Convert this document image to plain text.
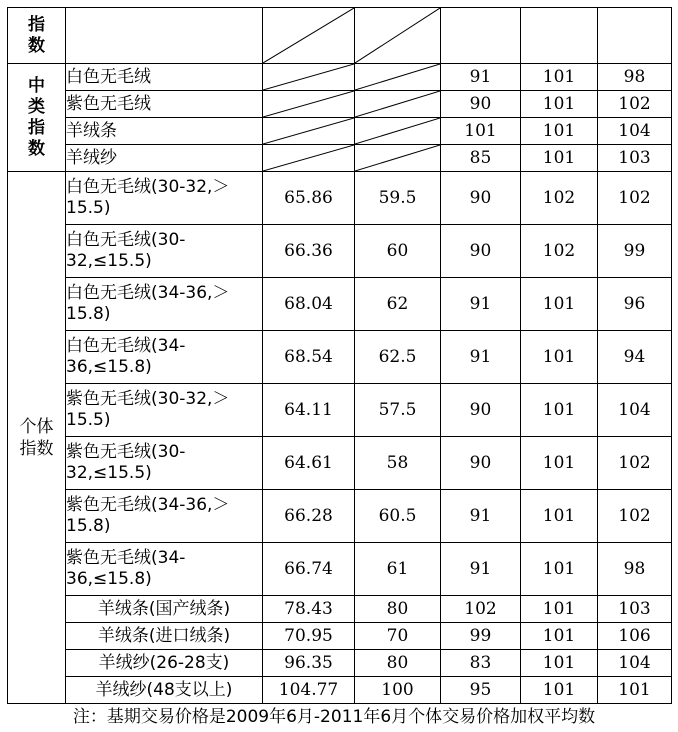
指数

中类指数	白色无毛绒			91	101	98
	紫色无毛绒			90	101	102
	羊绒条			101	101	104
	羊绒纱			85	101	103

个体指数	白色无毛绒(30-32,＞15.5)	65.86	59.5	90	102	102
	白色无毛绒(30-32,≤15.5)	66.36	60	90	102	99
	白色无毛绒(34-36,＞15.8)	68.04	62	91	101	96
	白色无毛绒(34-36,≤15.8)	68.54	62.5	91	101	94
	紫色无毛绒(30-32,＞15.5)	64.11	57.5	90	101	104
	紫色无毛绒(30-32,≤15.5)	64.61	58	90	101	102
	紫色无毛绒(34-36,＞15.8)	66.28	60.5	91	101	102
	紫色无毛绒(34-36,≤15.8)	66.74	61	91	101	98
	羊绒条(国产绒条)	78.43	80	102	101	103
	羊绒条(进口绒条)	70.95	70	99	101	106
	羊绒纱(26-28支)	96.35	80	83	101	104
	羊绒纱(48支以上)	104.77	100	95	101	101
注：基期交易价格是2009年6月-2011年6月个体交易价格加权平均数
